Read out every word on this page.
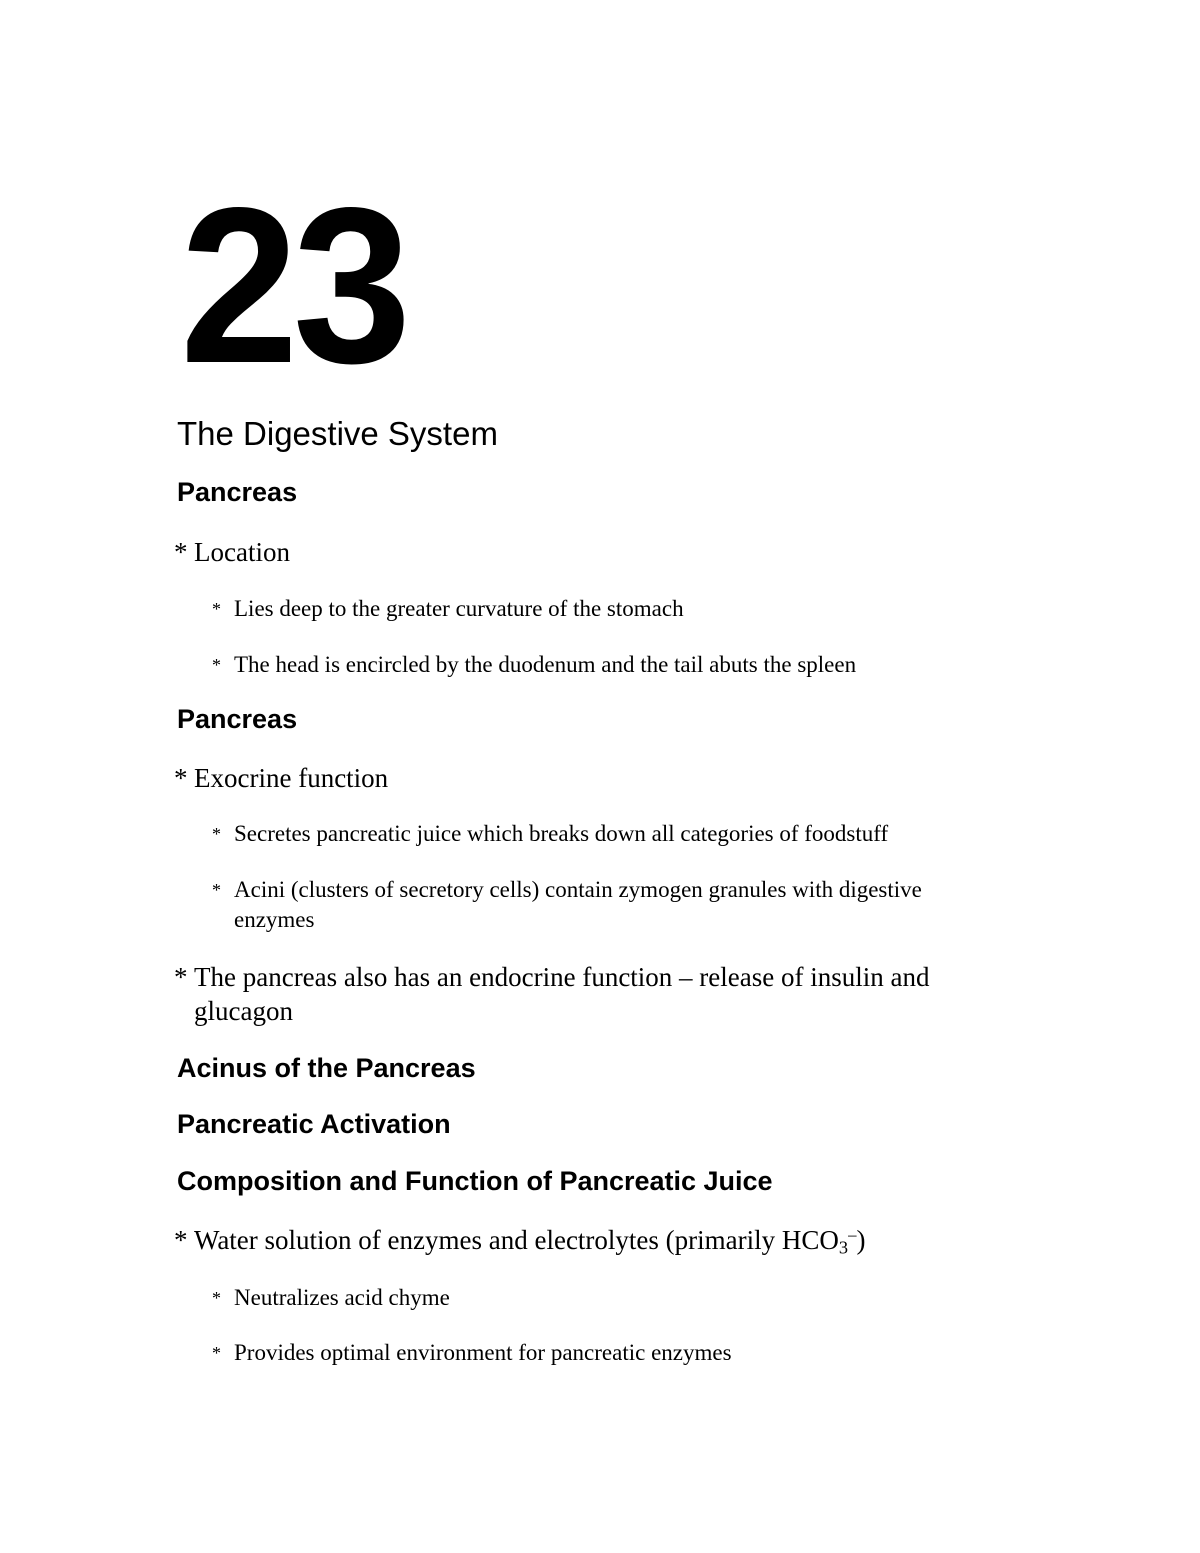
23
The Digestive System
Pancreas
* Location
* Lies deep to the greater curvature of the stomach
* The head is encircled by the duodenum and the tail abuts the spleen
Pancreas
* Exocrine function
* Secretes pancreatic juice which breaks down all categories of foodstuff
* Acini (clusters of secretory cells) contain zymogen granules with digestive enzymes
* The pancreas also has an endocrine function – release of insulin and glucagon
Acinus of the Pancreas
Pancreatic Activation
Composition and Function of Pancreatic Juice
* Water solution of enzymes and electrolytes (primarily $HCO_3^-$)
* Neutralizes acid chyme
* Provides optimal environment for pancreatic enzymes
